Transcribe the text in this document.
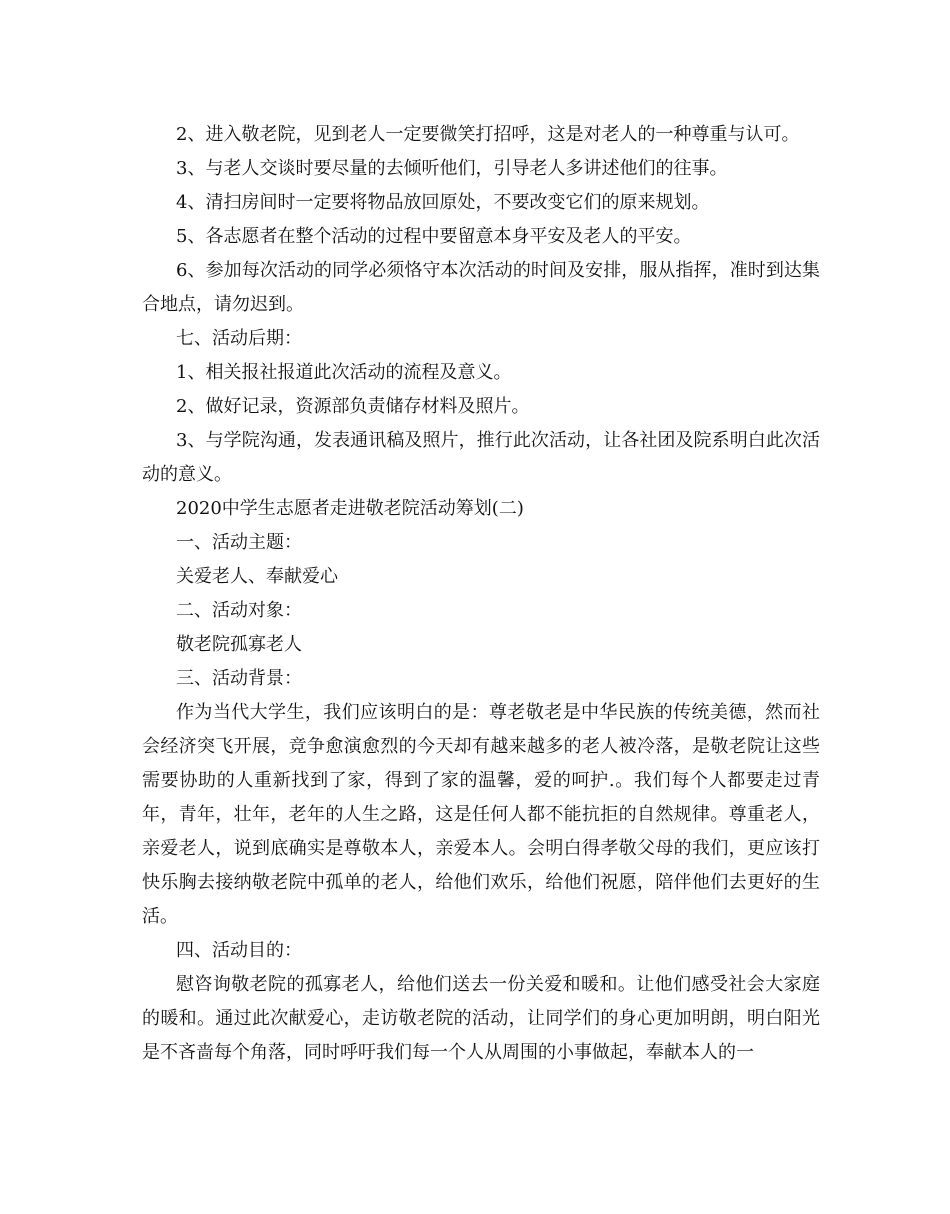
2、进入敬老院，见到老人一定要微笑打招呼，这是对老人的一种尊重与认可。

3、与老人交谈时要尽量的去倾听他们，引导老人多讲述他们的往事。

4、清扫房间时一定要将物品放回原处，不要改变它们的原来规划。

5、各志愿者在整个活动的过程中要留意本身平安及老人的平安。

6、参加每次活动的同学必须恪守本次活动的时间及安排，服从指挥，准时到达集合地点，请勿迟到。

七、活动后期：

1、相关报社报道此次活动的流程及意义。

2、做好记录，资源部负责储存材料及照片。

3、与学院沟通，发表通讯稿及照片，推行此次活动，让各社团及院系明白此次活动的意义。

2020中学生志愿者走进敬老院活动筹划(二)

一、活动主题：

关爱老人、奉献爱心

二、活动对象：

敬老院孤寡老人

三、活动背景：

作为当代大学生，我们应该明白的是：尊老敬老是中华民族的传统美德，然而社会经济突飞开展，竞争愈演愈烈的今天却有越来越多的老人被冷落，是敬老院让这些需要协助的人重新找到了家，得到了家的温馨，爱的呵护.。我们每个人都要走过青年，青年，壮年，老年的人生之路，这是任何人都不能抗拒的自然规律。尊重老人，亲爱老人，说到底确实是尊敬本人，亲爱本人。会明白得孝敬父母的我们，更应该打快乐胸去接纳敬老院中孤单的老人，给他们欢乐，给他们祝愿，陪伴他们去更好的生活。

四、活动目的：

慰咨询敬老院的孤寡老人，给他们送去一份关爱和暖和。让他们感受社会大家庭的暖和。通过此次献爱心，走访敬老院的活动，让同学们的身心更加明朗，明白阳光是不吝啬每个角落，同时呼吁我们每一个人从周围的小事做起，奉献本人的一
